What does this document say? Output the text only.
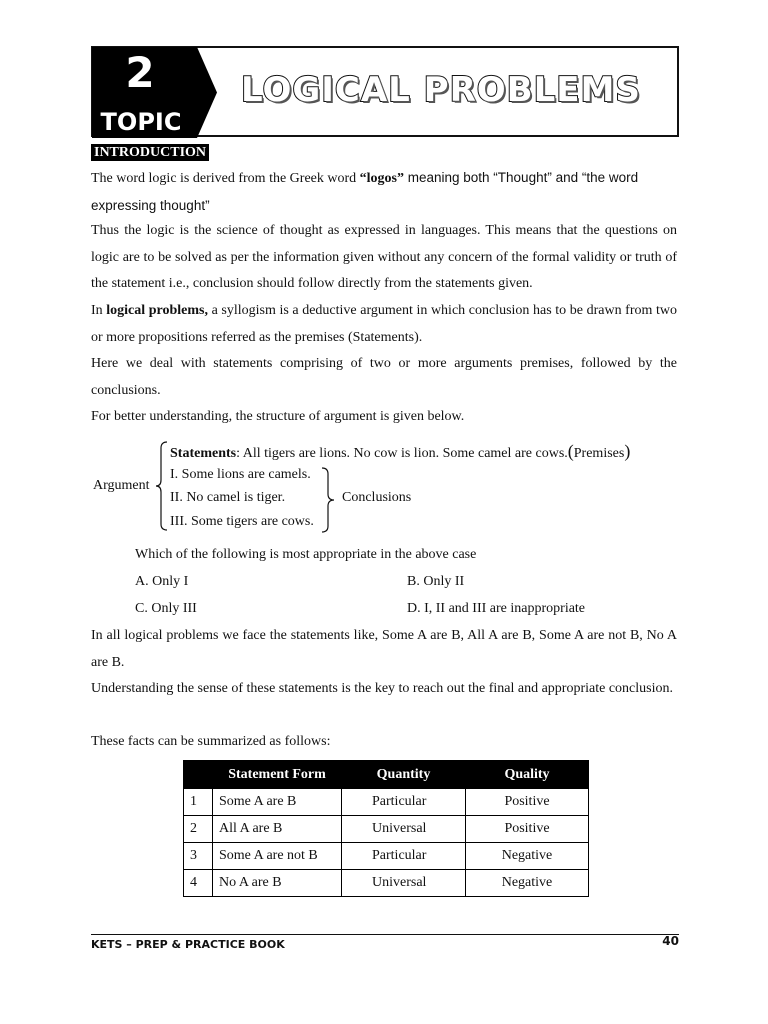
2
TOPIC
LOGICAL PROBLEMS
INTRODUCTION
The word logic is derived from the Greek word “logos” meaning both “Thought” and “the word
expressing thought”
Thus the logic is the science of thought as expressed in languages. This means that the questions on logic are to be solved as per the information given without any concern of the formal validity or truth of the statement i.e., conclusion should follow directly from the statements given.
In logical problems, a syllogism is a deductive argument in which conclusion has to be drawn from two or more propositions referred as the premises (Statements).
Here we deal with statements comprising of two or more arguments premises, followed by the conclusions.
For better understanding, the structure of argument is given below.
Argument
Statements: All tigers are lions. No cow is lion. Some camel are cows.(Premises)
I. Some lions are camels.
II. No camel is tiger.
III. Some tigers are cows.
Conclusions
Which of the following is most appropriate in the above case
A. Only I	B. Only II
C. Only III	D. I, II and III are inappropriate
In all logical problems we face the statements like, Some A are B, All A are B, Some A are not B, No A are B.
Understanding the sense of these statements is the key to reach out the final and appropriate conclusion.
These facts can be summarized as follows:
	Statement Form	Quantity	Quality
1	Some A are B	Particular	Positive
2	All A are B	Universal	Positive
3	Some A are not B	Particular	Negative
4	No A are B	Universal	Negative
KETS – PREP & PRACTICE BOOK	40
